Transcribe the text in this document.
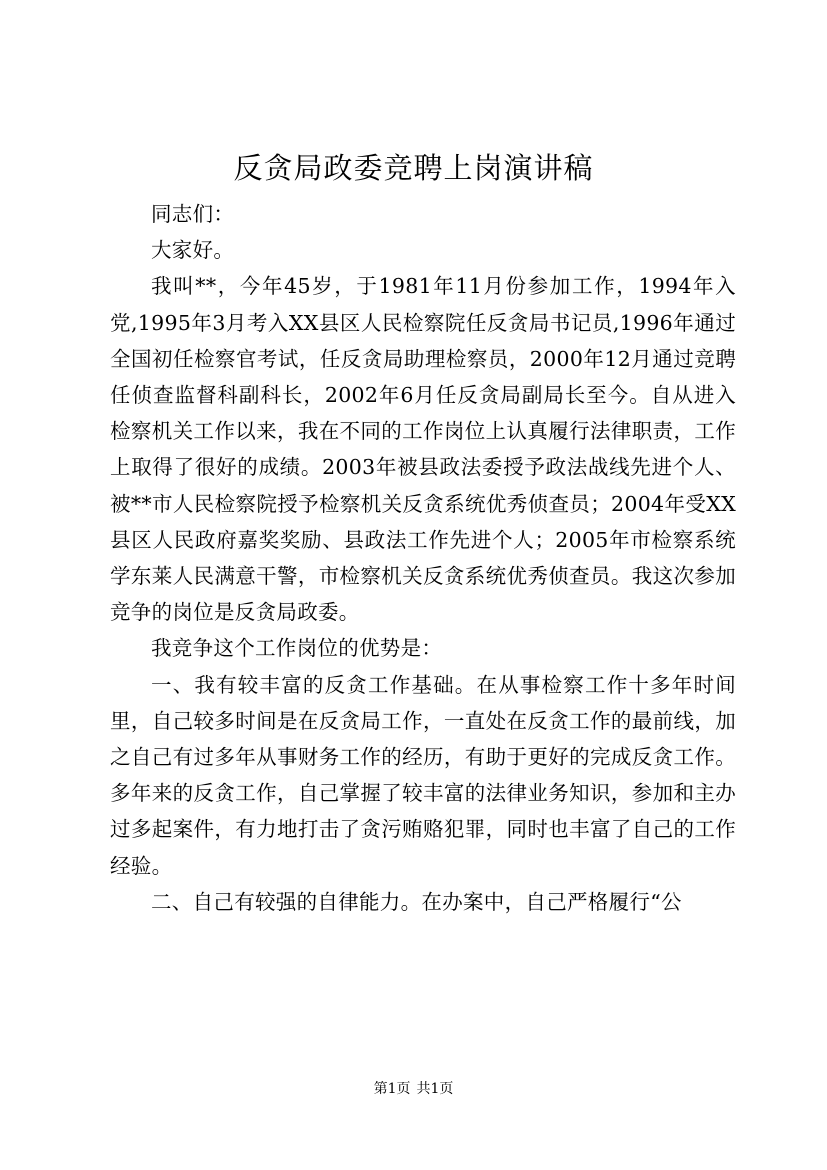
反贪局政委竞聘上岗演讲稿

同志们：

大家好。

我叫**，今年45岁，于1981年11月份参加工作，1994年入党,1995年3月考入XX县区人民检察院任反贪局书记员,1996年通过全国初任检察官考试，任反贪局助理检察员，2000年12月通过竞聘任侦查监督科副科长，2002年6月任反贪局副局长至今。自从进入检察机关工作以来，我在不同的工作岗位上认真履行法律职责，工作上取得了很好的成绩。2003年被县政法委授予政法战线先进个人、被**市人民检察院授予检察机关反贪系统优秀侦查员；2004年受XX县区人民政府嘉奖奖励、县政法工作先进个人；2005年市检察系统学东莱人民满意干警，市检察机关反贪系统优秀侦查员。我这次参加竞争的岗位是反贪局政委。

我竞争这个工作岗位的优势是：

一、我有较丰富的反贪工作基础。在从事检察工作十多年时间里，自己较多时间是在反贪局工作，一直处在反贪工作的最前线，加之自己有过多年从事财务工作的经历，有助于更好的完成反贪工作。多年来的反贪工作，自己掌握了较丰富的法律业务知识，参加和主办过多起案件，有力地打击了贪污贿赂犯罪，同时也丰富了自己的工作经验。

二、自己有较强的自律能力。在办案中，自己严格履行“公

第1页 共1页
